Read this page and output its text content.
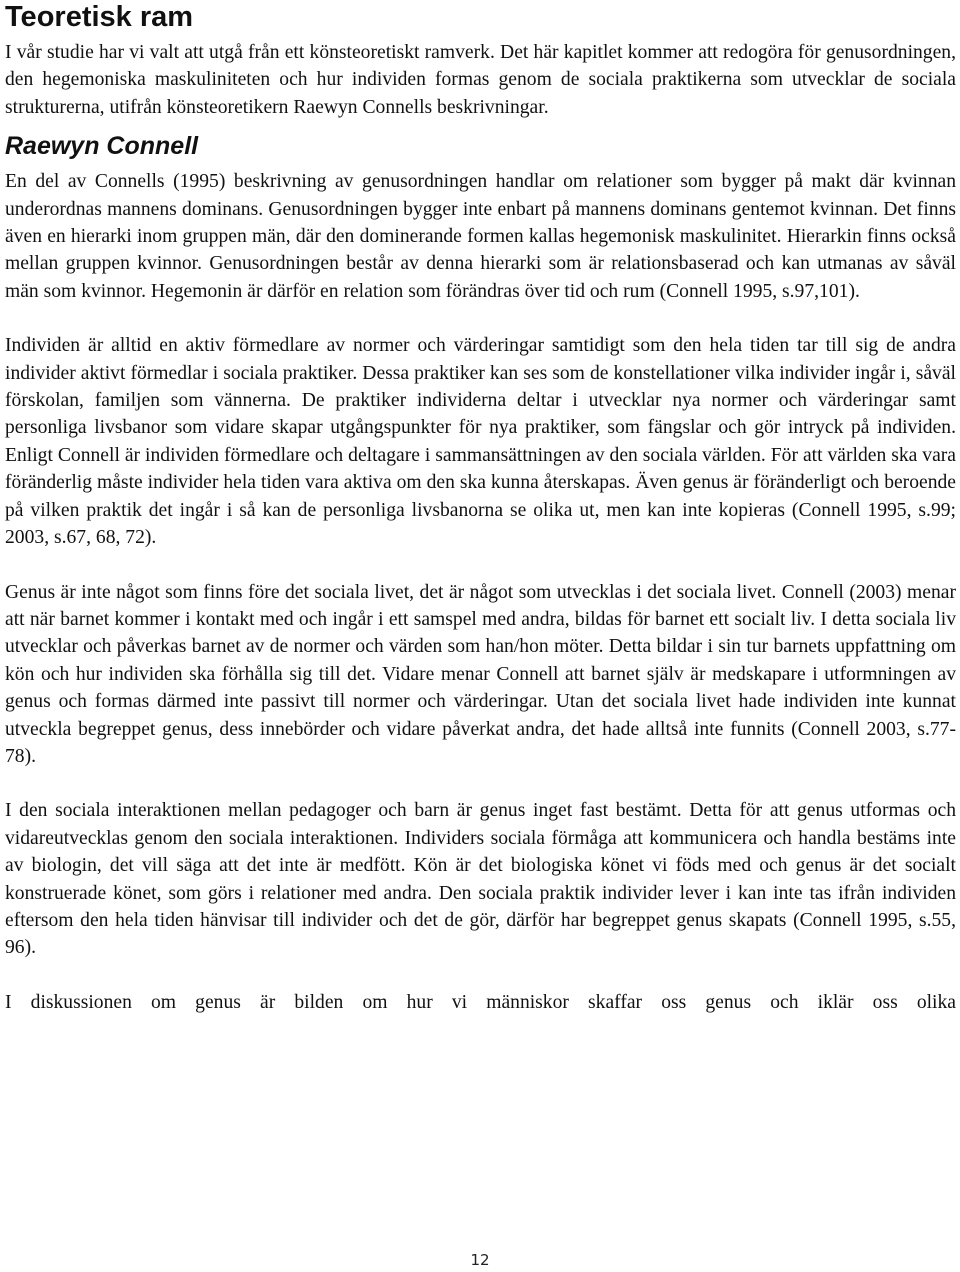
Teoretisk ram

I vår studie har vi valt att utgå från ett könsteoretiskt ramverk. Det här kapitlet kommer att redogöra för genusordningen, den hegemoniska maskuliniteten och hur individen formas genom de sociala praktikerna som utvecklar de sociala strukturerna, utifrån könsteoretikern Raewyn Connells beskrivningar.

Raewyn Connell

En del av Connells (1995) beskrivning av genusordningen handlar om relationer som bygger på makt där kvinnan underordnas mannens dominans. Genusordningen bygger inte enbart på mannens dominans gentemot kvinnan. Det finns även en hierarki inom gruppen män, där den dominerande formen kallas hegemonisk maskulinitet. Hierarkin finns också mellan gruppen kvinnor. Genusordningen består av denna hierarki som är relationsbaserad och kan utmanas av såväl män som kvinnor. Hegemonin är därför en relation som förändras över tid och rum (Connell 1995, s.97,101).

Individen är alltid en aktiv förmedlare av normer och värderingar samtidigt som den hela tiden tar till sig de andra individer aktivt förmedlar i sociala praktiker. Dessa praktiker kan ses som de konstellationer vilka individer ingår i, såväl förskolan, familjen som vännerna. De praktiker individerna deltar i utvecklar nya normer och värderingar samt personliga livsbanor som vidare skapar utgångspunkter för nya praktiker, som fängslar och gör intryck på individen. Enligt Connell är individen förmedlare och deltagare i sammansättningen av den sociala världen. För att världen ska vara föränderlig måste individer hela tiden vara aktiva om den ska kunna återskapas. Även genus är föränderligt och beroende på vilken praktik det ingår i så kan de personliga livsbanorna se olika ut, men kan inte kopieras (Connell 1995, s.99; 2003, s.67, 68, 72).

Genus är inte något som finns före det sociala livet, det är något som utvecklas i det sociala livet. Connell (2003) menar att när barnet kommer i kontakt med och ingår i ett samspel med andra, bildas för barnet ett socialt liv. I detta sociala liv utvecklar och påverkas barnet av de normer och värden som han/hon möter. Detta bildar i sin tur barnets uppfattning om kön och hur individen ska förhålla sig till det. Vidare menar Connell att barnet själv är medskapare i utformningen av genus och formas därmed inte passivt till normer och värderingar. Utan det sociala livet hade individen inte kunnat utveckla begreppet genus, dess innebörder och vidare påverkat andra, det hade alltså inte funnits (Connell 2003, s.77-78).

I den sociala interaktionen mellan pedagoger och barn är genus inget fast bestämt. Detta för att genus utformas och vidareutvecklas genom den sociala interaktionen. Individers sociala förmåga att kommunicera och handla bestäms inte av biologin, det vill säga att det inte är medfött. Kön är det biologiska könet vi föds med och genus är det socialt konstruerade könet, som görs i relationer med andra. Den sociala praktik individer lever i kan inte tas ifrån individen eftersom den hela tiden hänvisar till individer och det de gör, därför har begreppet genus skapats (Connell 1995, s.55, 96).

I diskussionen om genus är bilden om hur vi människor skaffar oss genus och iklär oss olika

12
